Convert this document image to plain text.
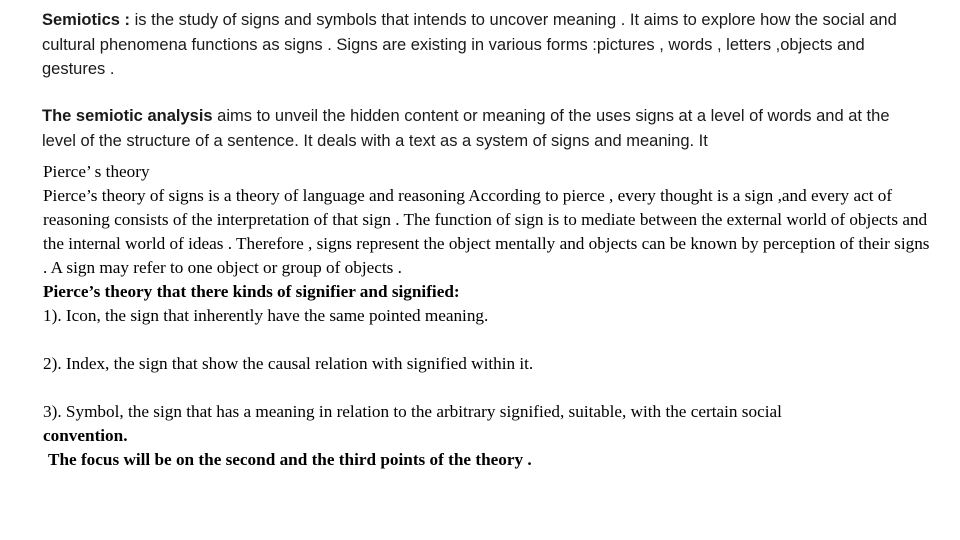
Semiotics : is the study of signs and symbols that intends to uncover meaning . It aims to explore how the social and cultural phenomena functions as signs . Signs are existing in various forms :pictures , words , letters ,objects and gestures .

The semiotic analysis aims to unveil the hidden content or meaning of the uses signs at a level of words and at the level of the structure of a sentence. It deals with a text as a system of signs and meaning. It

Pierce’ s theory

Pierce’s theory of signs is a theory of language and reasoning According to pierce , every thought is a sign ,and every act of reasoning consists of the interpretation of that sign . The function of sign is to mediate between the external world of objects and the internal world of ideas . Therefore , signs represent the object mentally and objects can be known by perception of their signs . A sign may refer to one object or group of objects .

Pierce’s theory that there kinds of signifier and signified:

1). Icon, the sign that inherently have the same pointed meaning.

2). Index, the sign that show the causal relation with signified within it.

3). Symbol, the sign that has a meaning in relation to the arbitrary signified, suitable, with the certain social

convention.

The focus will be on the second and the third points of the theory .
